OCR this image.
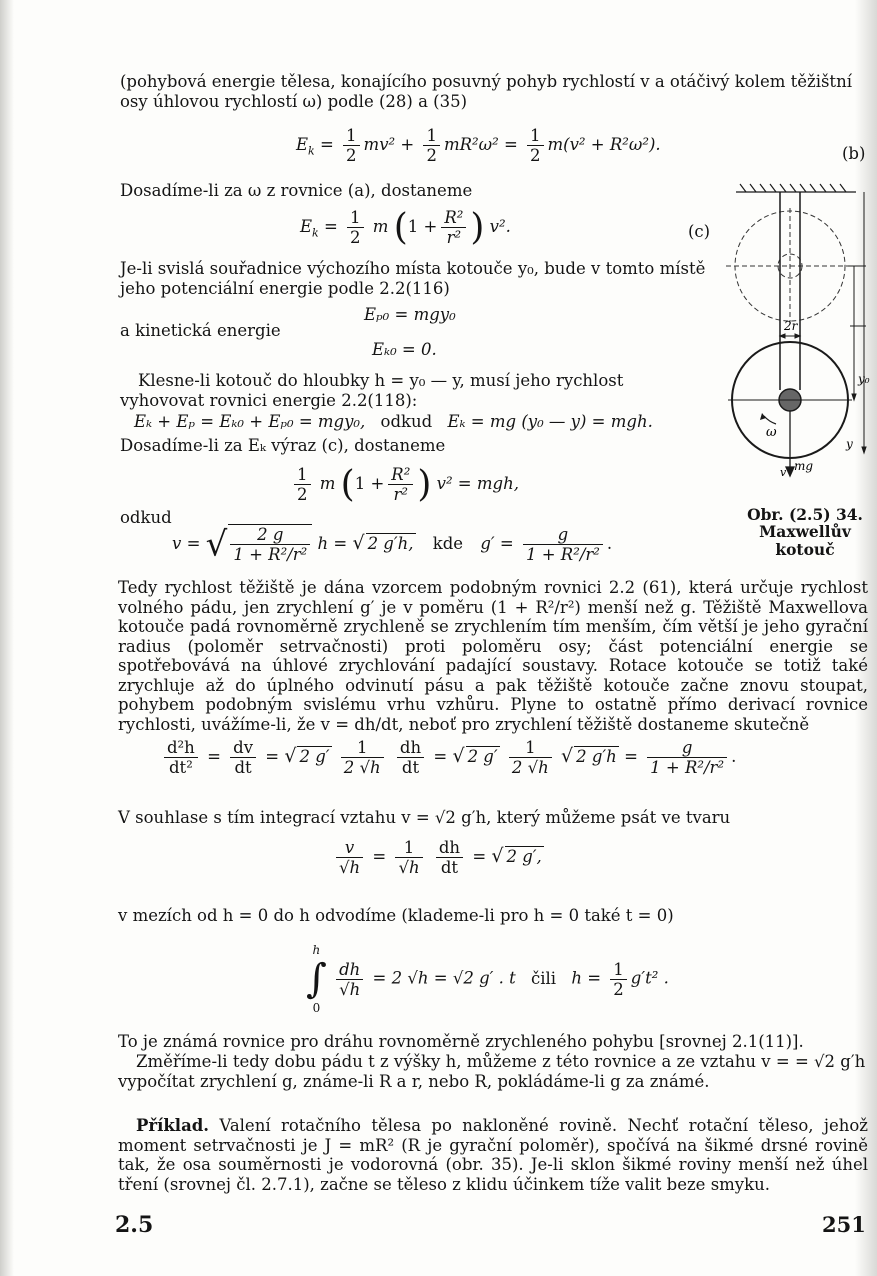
(pohybová energie tělesa, konajícího posuvný pohyb rychlostí v a otáčivý kolem těžištní osy úhlovou rychlostí ω) podle (28) a (35)

$E_k = \frac{1}{2} mv^2 + \frac{1}{2} mR^2\omega^2 = \frac{1}{2} m(v^2 + R^2\omega^2)$.	(b)

Dosadíme-li za ω z rovnice (a), dostaneme

$E_k = \frac{1}{2}$ m ($1 + \frac{\text{R²}}{\text{r²}}$ ) v².	(c)

Je-li svislá souřadnice výchozího místa kotouče y₀, bude v tomto místě jeho potenciální energie podle 2.2(116)

Eₚ₀ = mgy₀

a kinetická energie

Eₖ₀ = 0.

Klesne-li kotouč do hloubky h = y₀ — y, musí jeho rychlost vyhovovat rovnici energie 2.2(118):

Eₖ + Eₚ = Eₖ₀ + Eₚ₀ = mgy₀, odkud Eₖ = mg (y₀ — y) = mgh.

Dosadíme-li za Eₖ výraz (c), dostaneme

$\frac{1}{2}$ m ($1 + \frac{\text{R²}}{\text{r²}}$ ) v² = mgh,

odkud

v = √ $\frac{2 g}{\text{1 + R²/r²}}$ h = √ 2 g′h, kde $g' = \frac{g}{\text{1 + R²/r²}}$ .

Tedy rychlost těžiště je dána vzorcem podobným rovnici 2.2 (61), která určuje rychlost volného pádu, jen zrychlení g′ je v poměru (1 + R²/r²) menší než g. Těžiště Maxwellova kotouče padá rovnoměrně zrychleně se zrychlením tím menším, čím větší je jeho gyrační radius (poloměr setrvačnosti) proti poloměru osy; část potenciální energie se spotřebovává na úhlové zrychlování padající soustavy. Rotace kotouče se totiž také zrychluje až do úplného odvinutí pásu a pak těžiště kotouče začne znovu stoupat, pohybem podobným svislému vrhu vzhůru. Plyne to ostatně přímo derivací rovnice rychlosti, uvážíme-li, že v = dh/dt, neboť pro zrychlení těžiště dostaneme skutečně

$\frac{\text{d²h}}{\text{dt²}} = \frac{dv}{dt}$ = √ 2 $g' \frac{1}{2 √h}$
$\frac{dh}{dt}$ = √ 2 $g' \frac{1}{2 √h}$ √ 2 $g'h = \frac{g}{\text{1 + R²/r²}}$ .

V souhlase s tím integrací vztahu v = √2 g′h, který můžeme psát ve tvaru

$\frac{v}{√h} = \frac{1}{√h}$
$\frac{dh}{dt}$ = √ 2 g′,

v mezích od h = 0 do h odvodíme (klademe-li pro h = 0 také t = 0)

h
∫
0

$\frac{dh}{√h} = 2$ √h = √2 g′ . t čili $h = \frac{1}{2} g't^2$ .

To je známá rovnice pro dráhu rovnoměrně zrychleného pohybu [srovnej 2.1(11)].

Změříme-li tedy dobu pádu t z výšky h, můžeme z této rovnice a ze vztahu v = = √2 g′h vypočítat zrychlení g, známe-li R a r, nebo R, pokládáme-li g za známé.

Příklad. Valení rotačního tělesa po nakloněné rovině. Nechť rotační těleso, jehož moment setrvačnosti je J = mR² (R je gyrační poloměr), spočívá na šikmé drsné rovině tak, že osa souměrnosti je vodorovná (obr. 35). Je-li sklon šikmé roviny menší než úhel tření (srovnej čl. 2.7.1), začne se těleso z klidu účinkem tíže valit beze smyku.

2r
y₀
y
ω
v mg
Obr. (2.5) 34.
Maxwellův
kotouč
2.5	251
